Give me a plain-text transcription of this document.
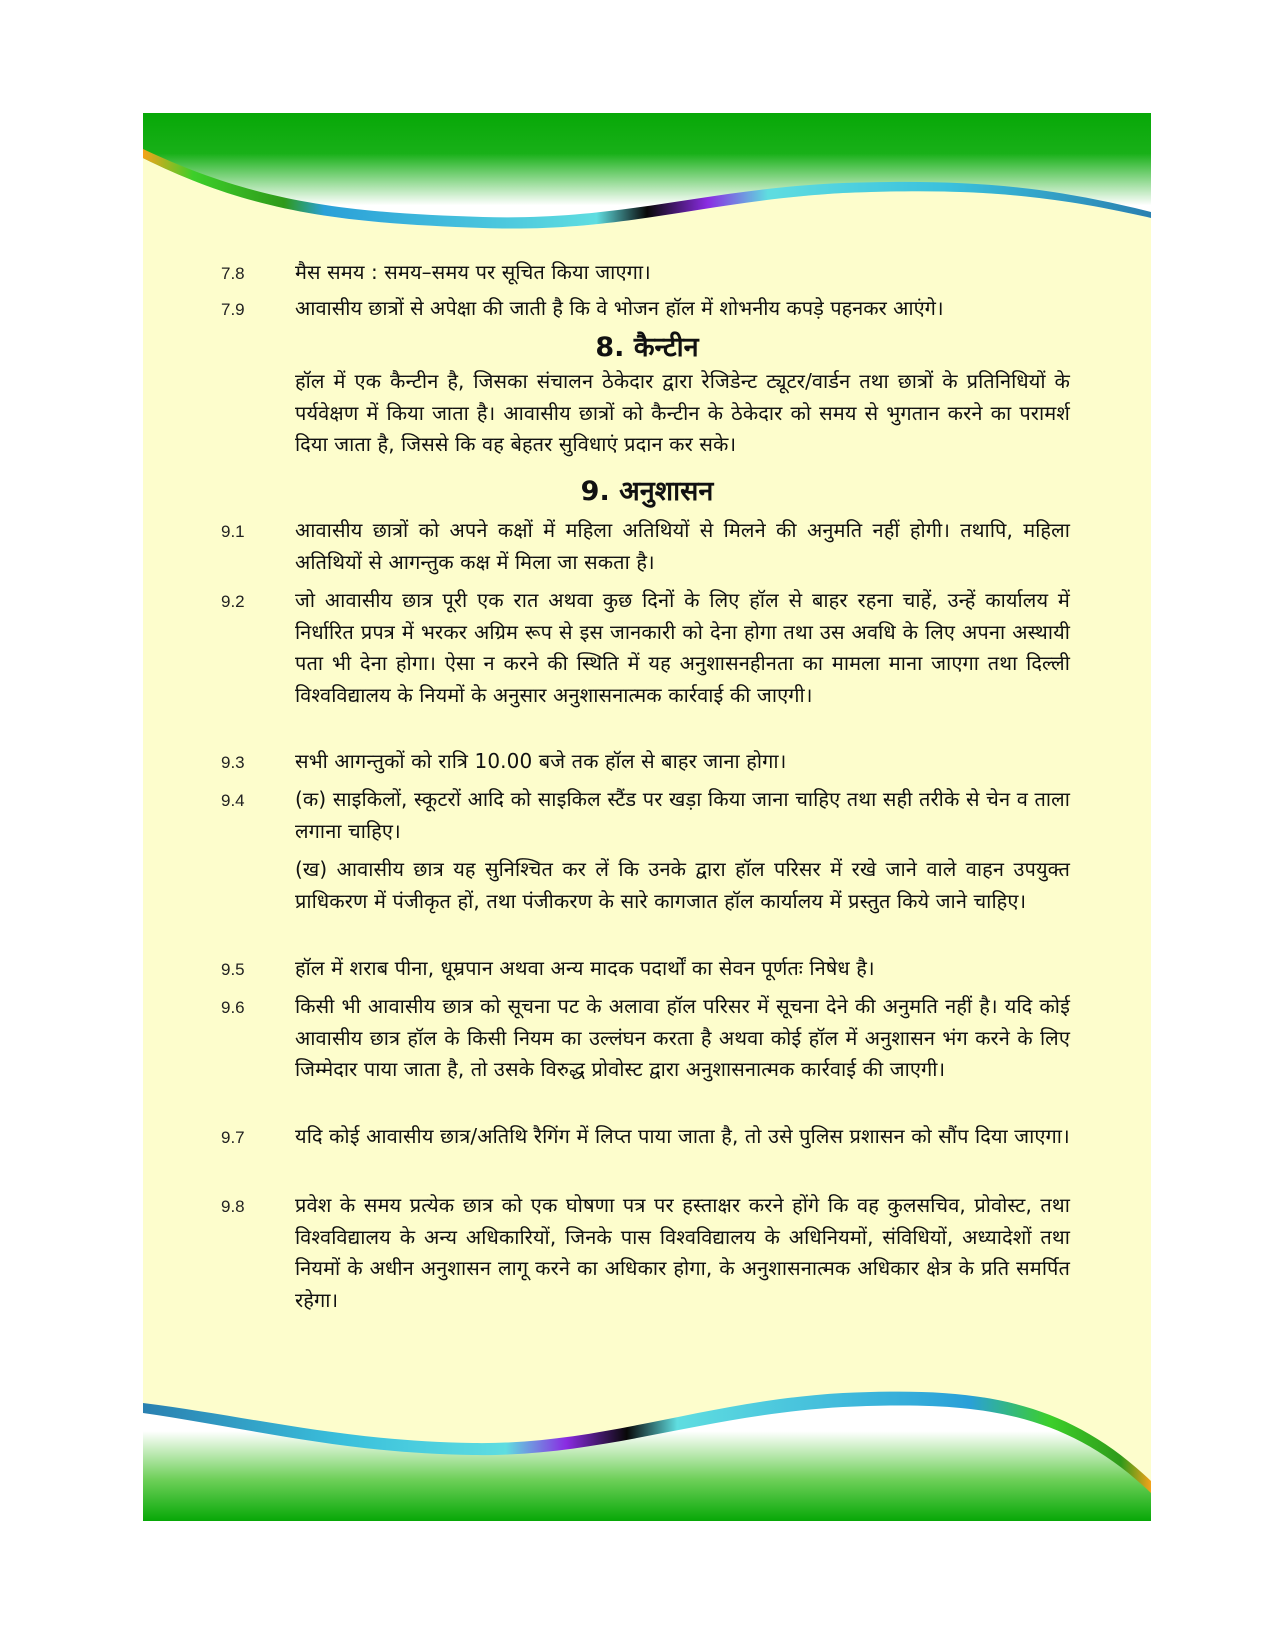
7.8	मैस समय : समय–समय पर सूचित किया जाएगा।
7.9	आवासीय छात्रों से अपेक्षा की जाती है कि वे भोजन हॉल में शोभनीय कपड़े पहनकर आएंगे।
8. कैन्टीन
हॉल में एक कैन्टीन है, जिसका संचालन ठेकेदार द्वारा रेजिडेन्ट ट्यूटर/वार्डन तथा छात्रों के प्रतिनिधियों के पर्यवेक्षण में किया जाता है। आवासीय छात्रों को कैन्टीन के ठेकेदार को समय से भुगतान करने का परामर्श दिया जाता है, जिससे कि वह बेहतर सुविधाएं प्रदान कर सके।
9. अनुशासन
9.1	आवासीय छात्रों को अपने कक्षों में महिला अतिथियों से मिलने की अनुमति नहीं होगी। तथापि, महिला अतिथियों से आगन्तुक कक्ष में मिला जा सकता है।
9.2	जो आवासीय छात्र पूरी एक रात अथवा कुछ दिनों के लिए हॉल से बाहर रहना चाहें, उन्हें कार्यालय में निर्धारित प्रपत्र में भरकर अग्रिम रूप से इस जानकारी को देना होगा तथा उस अवधि के लिए अपना अस्थायी पता भी देना होगा। ऐसा न करने की स्थिति में यह अनुशासनहीनता का मामला माना जाएगा तथा दिल्ली विश्वविद्यालय के नियमों के अनुसार अनुशासनात्मक कार्रवाई की जाएगी।
9.3	सभी आगन्तुकों को रात्रि 10.00 बजे तक हॉल से बाहर जाना होगा।
9.4	(क) साइकिलों, स्कूटरों आदि को साइकिल स्टैंड पर खड़ा किया जाना चाहिए तथा सही तरीके से चेन व ताला लगाना चाहिए।
(ख) आवासीय छात्र यह सुनिश्चित कर लें कि उनके द्वारा हॉल परिसर में रखे जाने वाले वाहन उपयुक्त प्राधिकरण में पंजीकृत हों, तथा पंजीकरण के सारे कागजात हॉल कार्यालय में प्रस्तुत किये जाने चाहिए।
9.5	हॉल में शराब पीना, धूम्रपान अथवा अन्य मादक पदार्थों का सेवन पूर्णतः निषेध है।
9.6	किसी भी आवासीय छात्र को सूचना पट के अलावा हॉल परिसर में सूचना देने की अनुमति नहीं है। यदि कोई आवासीय छात्र हॉल के किसी नियम का उल्लंघन करता है अथवा कोई हॉल में अनुशासन भंग करने के लिए जिम्मेदार पाया जाता है, तो उसके विरुद्ध प्रोवोस्ट द्वारा अनुशासनात्मक कार्रवाई की जाएगी।
9.7	यदि कोई आवासीय छात्र/अतिथि रैगिंग में लिप्त पाया जाता है, तो उसे पुलिस प्रशासन को सौंप दिया जाएगा।
9.8	प्रवेश के समय प्रत्येक छात्र को एक घोषणा पत्र पर हस्ताक्षर करने होंगे कि वह कुलसचिव, प्रोवोस्ट, तथा विश्वविद्यालय के अन्य अधिकारियों, जिनके पास विश्वविद्यालय के अधिनियमों, संविधियों, अध्यादेशों तथा नियमों के अधीन अनुशासन लागू करने का अधिकार होगा, के अनुशासनात्मक अधिकार क्षेत्र के प्रति समर्पित रहेगा।
